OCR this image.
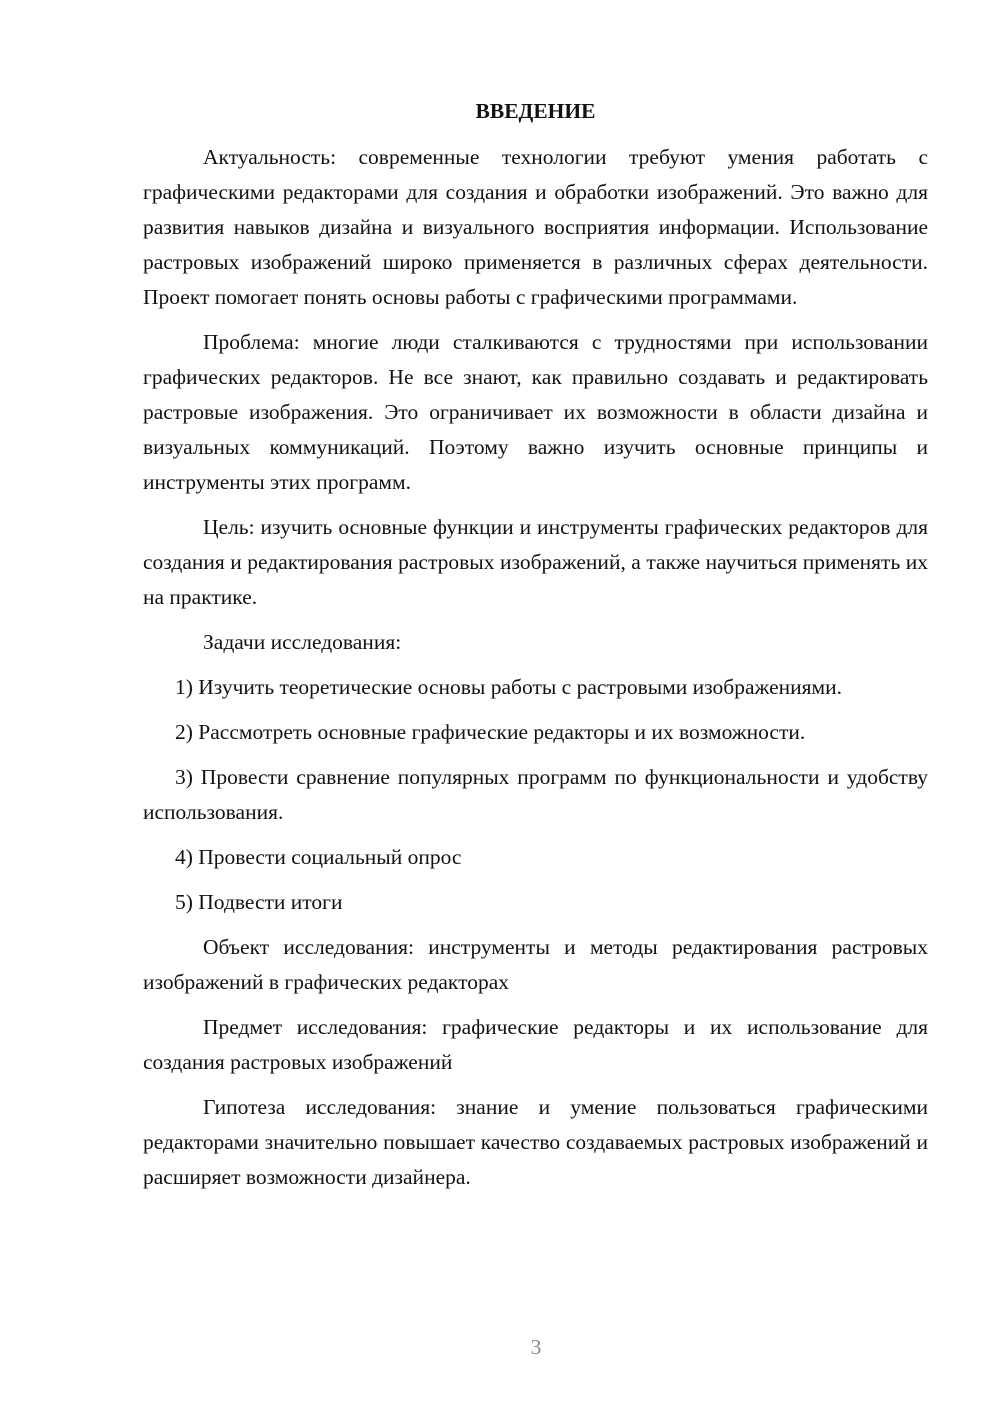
ВВЕДЕНИЕ

Актуальность: современные технологии требуют умения работать с графическими редакторами для создания и обработки изображений. Это важно для развития навыков дизайна и визуального восприятия информации. Использование растровых изображений широко применяется в различных сферах деятельности. Проект помогает понять основы работы с графическими программами.

Проблема: многие люди сталкиваются с трудностями при использовании графических редакторов. Не все знают, как правильно создавать и редактировать растровые изображения. Это ограничивает их возможности в области дизайна и визуальных коммуникаций. Поэтому важно изучить основные принципы и инструменты этих программ.

Цель: изучить основные функции и инструменты графических редакторов для создания и редактирования растровых изображений, а также научиться применять их на практике.

Задачи исследования:

1) Изучить теоретические основы работы с растровыми изображениями.

2) Рассмотреть основные графические редакторы и их возможности.

3) Провести сравнение популярных программ по функциональности и удобству использования.

4) Провести социальный опрос

5) Подвести итоги

Объект исследования: инструменты и методы редактирования растровых изображений в графических редакторах

Предмет исследования: графические редакторы и их использование для создания растровых изображений

Гипотеза исследования: знание и умение пользоваться графическими редакторами значительно повышает качество создаваемых растровых изображений и расширяет возможности дизайнера.

3
